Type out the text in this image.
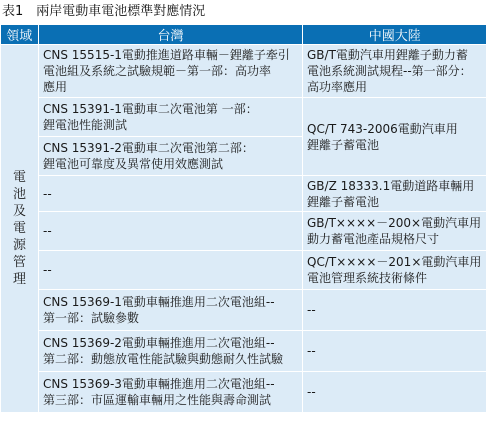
表1　兩岸電動車電池標準對應情況
領域	台灣	中國大陸

電池及電源管理	CNS 15515-1電動推進道路車輛－鋰離子牽引
電池組及系統之試驗規範－第一部：高功率
應用	GB/T電動汽車用鋰離子動力蓄
電池系統測試規程--第一部分：
高功率應用
	CNS 15391-1電動車二次電池第 一部：
鋰電池性能測試	QC/T 743-2006電動汽車用
鋰離子蓄電池
	CNS 15391-2電動車二次電池第二部：
鋰電池可靠度及異常使用效應測試	
	--	GB/Z 18333.1電動道路車輛用
鋰離子蓄電池
	--	GB/T××××－200×電動汽車用
動力蓄電池產品規格尺寸
	--	QC/T××××－201×電動汽車用
電池管理系統技術條件
	CNS 15369-1電動車輛推進用二次電池組--
第一部：試驗參數	--
	CNS 15369-2電動車輛推進用二次電池組--
第二部：動態放電性能試驗與動態耐久性試驗	--
	CNS 15369-3電動車輛推進用二次電池組--
第三部：市區運輸車輛用之性能與壽命測試	--
